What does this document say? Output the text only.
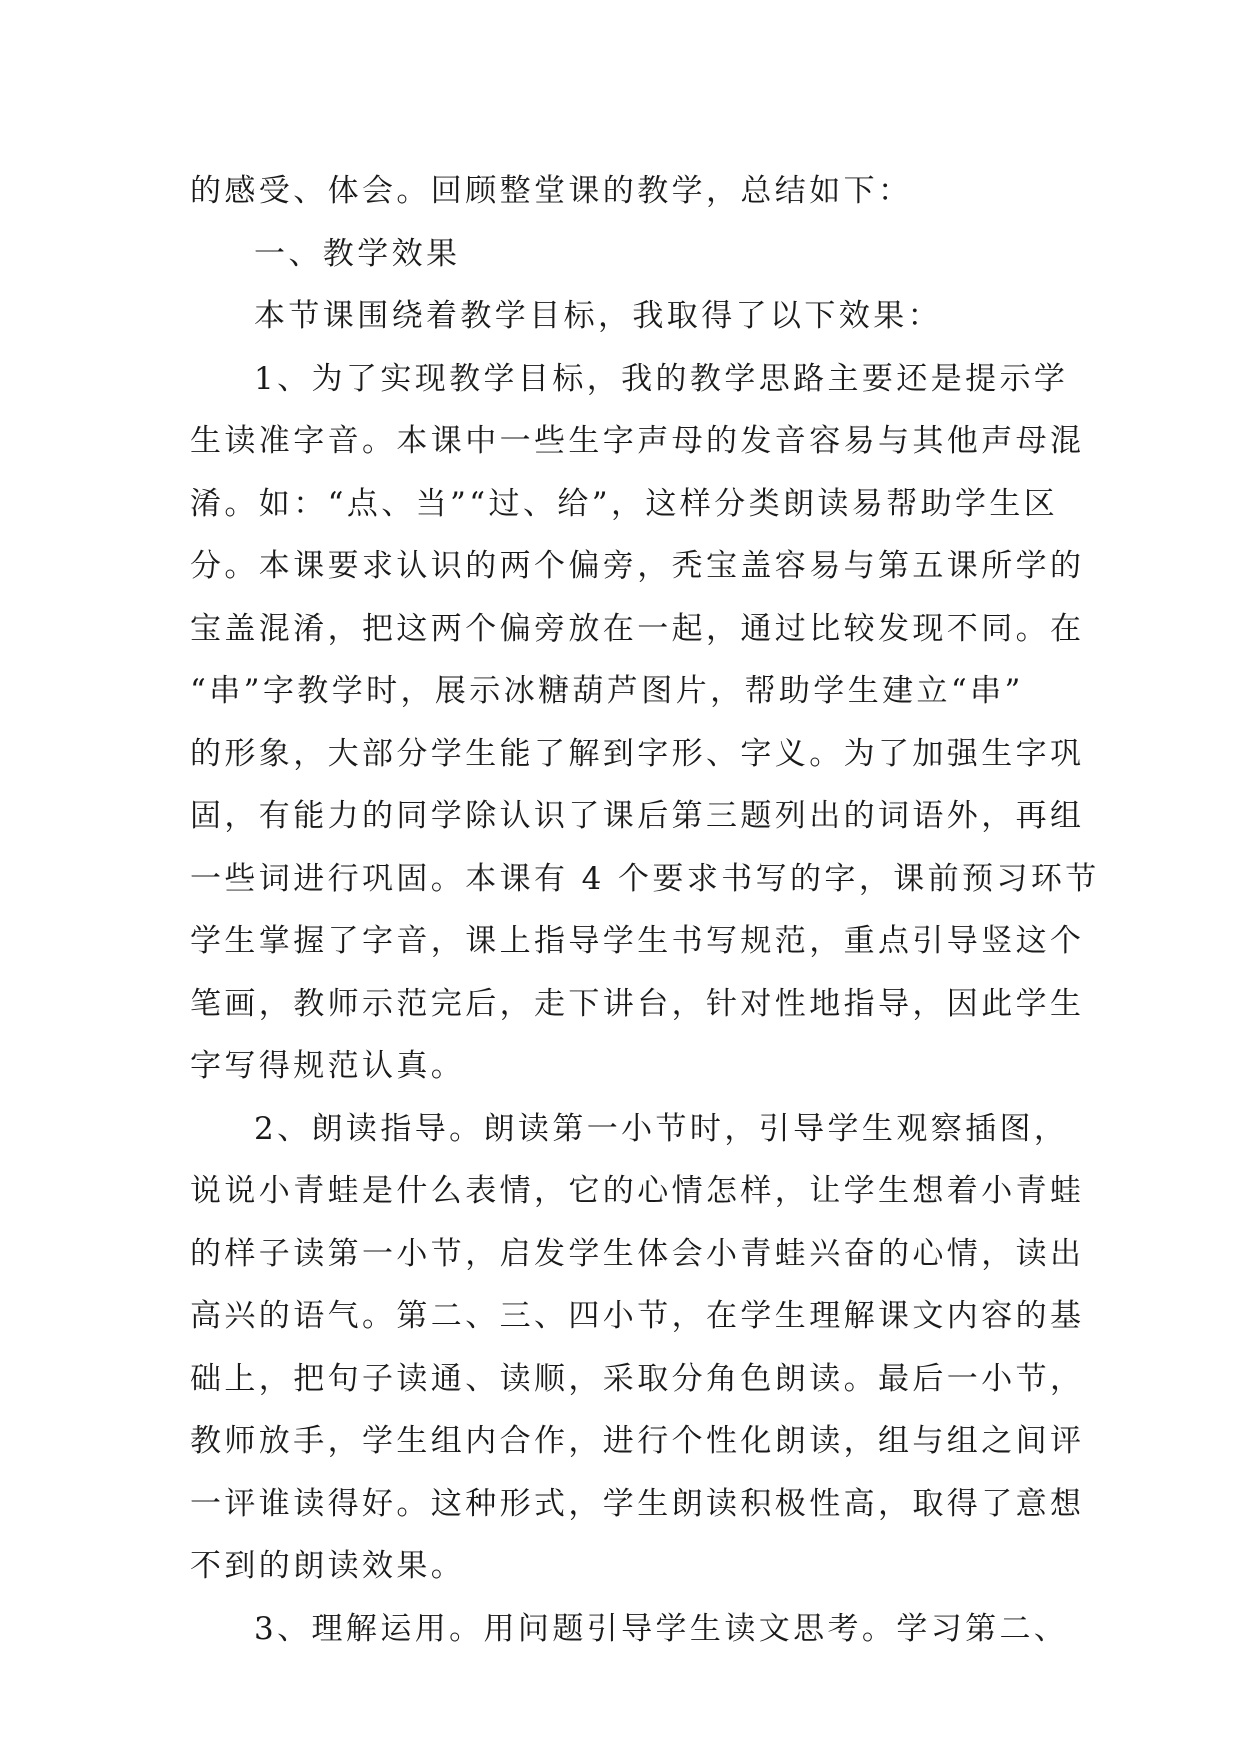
的感受、体会。回顾整堂课的教学，总结如下：
一、教学效果
本节课围绕着教学目标，我取得了以下效果：
1、为了实现教学目标，我的教学思路主要还是提示学
生读准字音。本课中一些生字声母的发音容易与其他声母混
淆。如：“点、当”“过、给”，这样分类朗读易帮助学生区
分。本课要求认识的两个偏旁，秃宝盖容易与第五课所学的
宝盖混淆，把这两个偏旁放在一起，通过比较发现不同。在
“串”字教学时，展示冰糖葫芦图片，帮助学生建立“串”
的形象，大部分学生能了解到字形、字义。为了加强生字巩
固，有能力的同学除认识了课后第三题列出的词语外，再组
一些词进行巩固。本课有 4 个要求书写的字，课前预习环节
学生掌握了字音，课上指导学生书写规范，重点引导竖这个
笔画，教师示范完后，走下讲台，针对性地指导，因此学生
字写得规范认真。
2、朗读指导。朗读第一小节时，引导学生观察插图，
说说小青蛙是什么表情，它的心情怎样，让学生想着小青蛙
的样子读第一小节，启发学生体会小青蛙兴奋的心情，读出
高兴的语气。第二、三、四小节，在学生理解课文内容的基
础上，把句子读通、读顺，采取分角色朗读。最后一小节，
教师放手，学生组内合作，进行个性化朗读，组与组之间评
一评谁读得好。这种形式，学生朗读积极性高，取得了意想
不到的朗读效果。
3、理解运用。用问题引导学生读文思考。学习第二、
